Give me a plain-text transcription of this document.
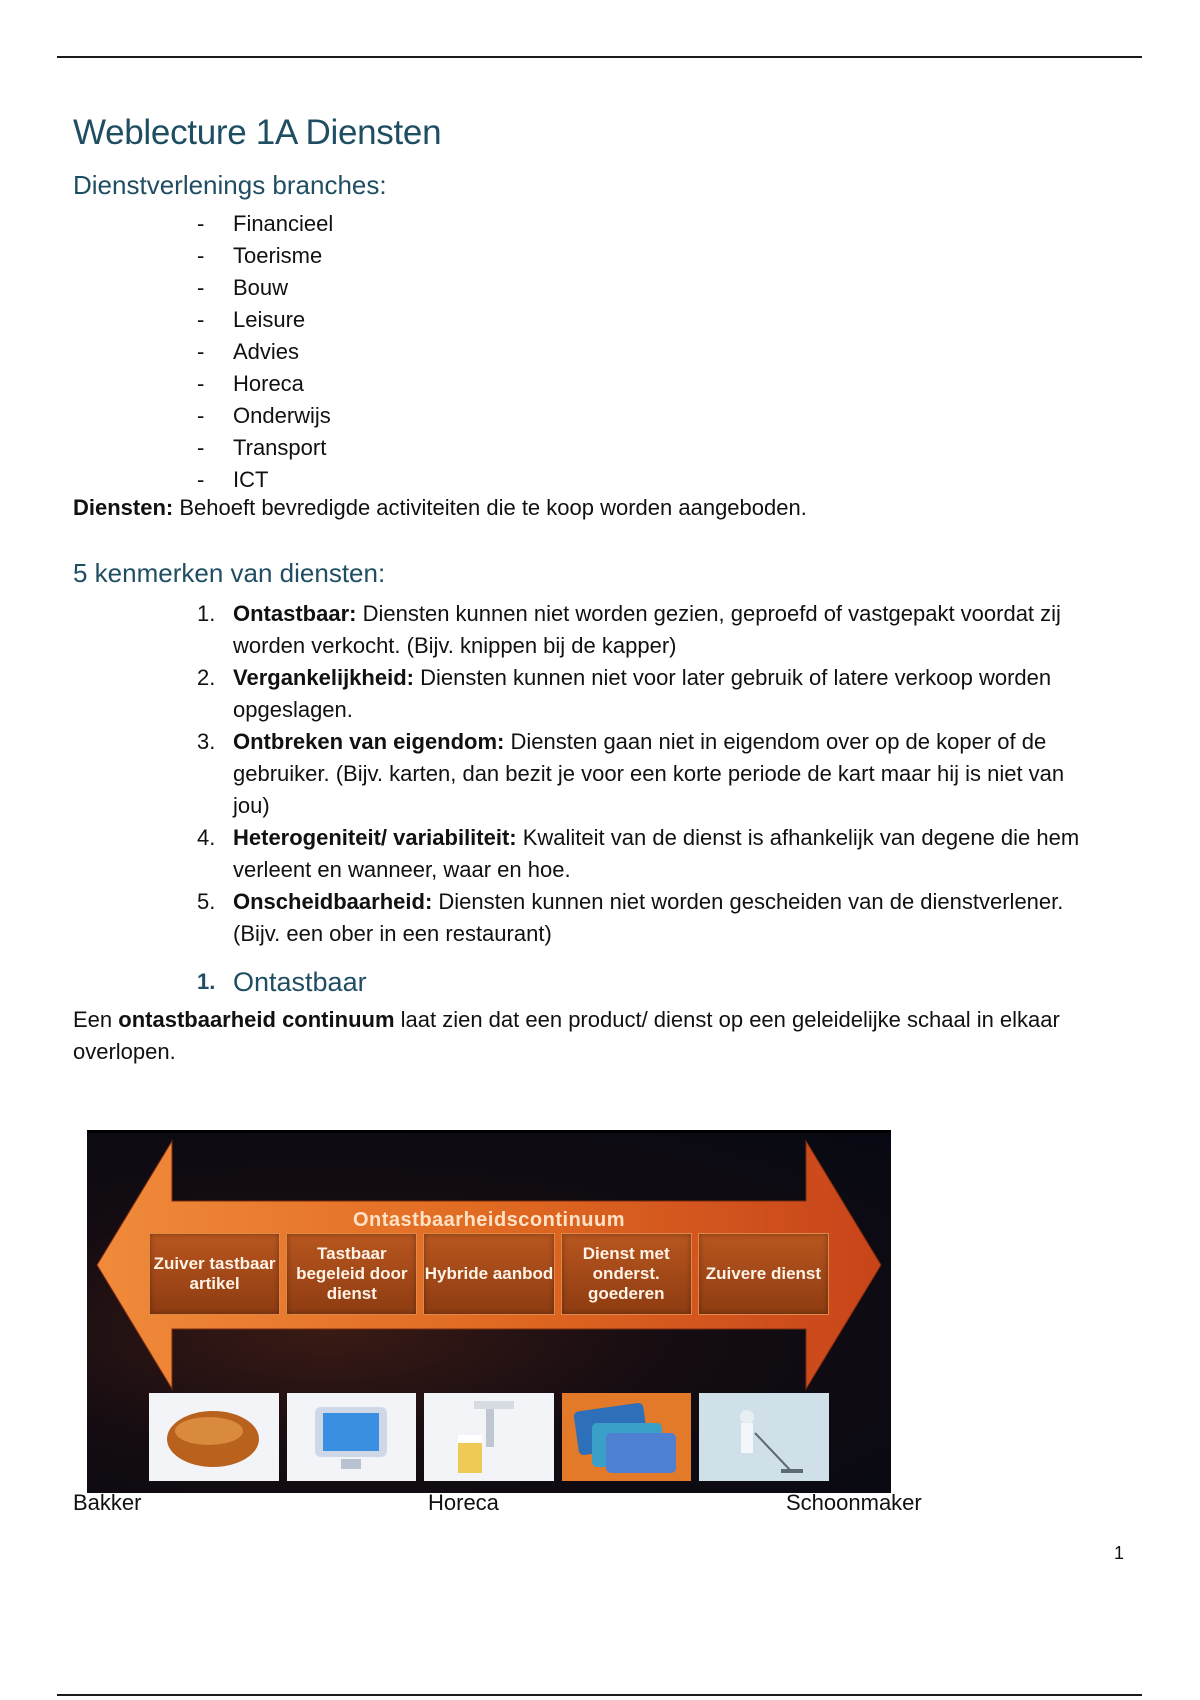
Weblecture 1A Diensten
Dienstverlenings branches:
- Financieel
- Toerisme
- Bouw
- Leisure
- Advies
- Horeca
- Onderwijs
- Transport
- ICT

Diensten: Behoeft bevredigde activiteiten die te koop worden aangeboden.

5 kenmerken van diensten:
1. Ontastbaar: Diensten kunnen niet worden gezien, geproefd of vastgepakt voordat zij worden verkocht. (Bijv. knippen bij de kapper)
2. Vergankelijkheid: Diensten kunnen niet voor later gebruik of latere verkoop worden opgeslagen.
3. Ontbreken van eigendom: Diensten gaan niet in eigendom over op de koper of de gebruiker. (Bijv. karten, dan bezit je voor een korte periode de kart maar hij is niet van jou)
4. Heterogeniteit/ variabiliteit: Kwaliteit van de dienst is afhankelijk van degene die hem verleent en wanneer, waar en hoe.
5. Onscheidbaarheid: Diensten kunnen niet worden gescheiden van de dienstverlener. (Bijv. een ober in een restaurant)
1. Ontastbaar

Een ontastbaarheid continuum laat zien dat een product/ dienst op een geleidelijke schaal in elkaar overlopen.

Ontastbaarheidscontinuum
Zuiver tastbaar artikel
Tastbaar begeleid door dienst
Hybride aanbod
Dienst met onderst. goederen
Zuivere dienst
Bakker	Horeca	Schoonmaker
1
